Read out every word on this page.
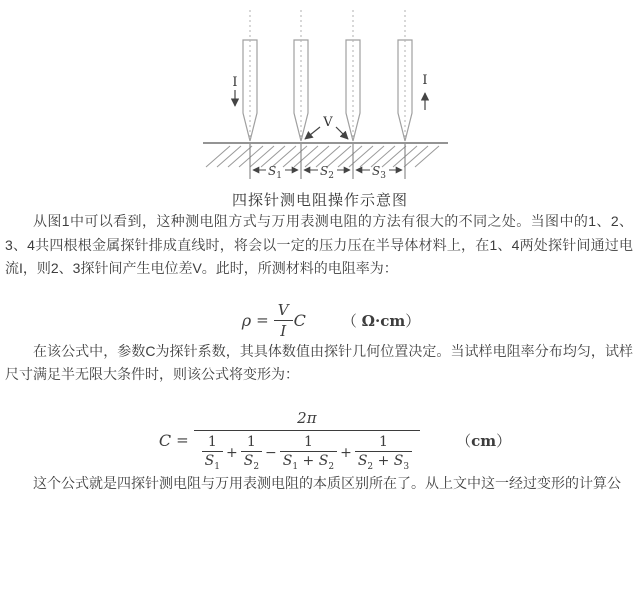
$S_1$	$S_2$	$S_3$
I	I
V
四探针测电阻操作示意图

从图1中可以看到，这种测电阻方式与万用表测电阻的方法有很大的不同之处。当图中的1、2、3、4共四根根金属探针排成直线时，将会以一定的压力压在半导体材料上，在1、4两处探针间通过电流I，则2、3探针间产生电位差V。此时，所测材料的电阻率为：

$\rho = \frac{V}{I}$ C （ Ω·cm）

在该公式中，参数C为探针系数，其具体数值由探针几何位置决定。当试样电阻率分布均匀，试样尺寸满足半无限大条件时，则该公式将变形为：

C =
2π
$\frac{1}{S_1} + \frac{1}{S_2} - \frac{1}{S_1 + S_2} + \frac{1}{S_2 + S_3}$	（cm）

这个公式就是四探针测电阻与万用表测电阻的本质区别所在了。从上文中这一经过变形的计算公
